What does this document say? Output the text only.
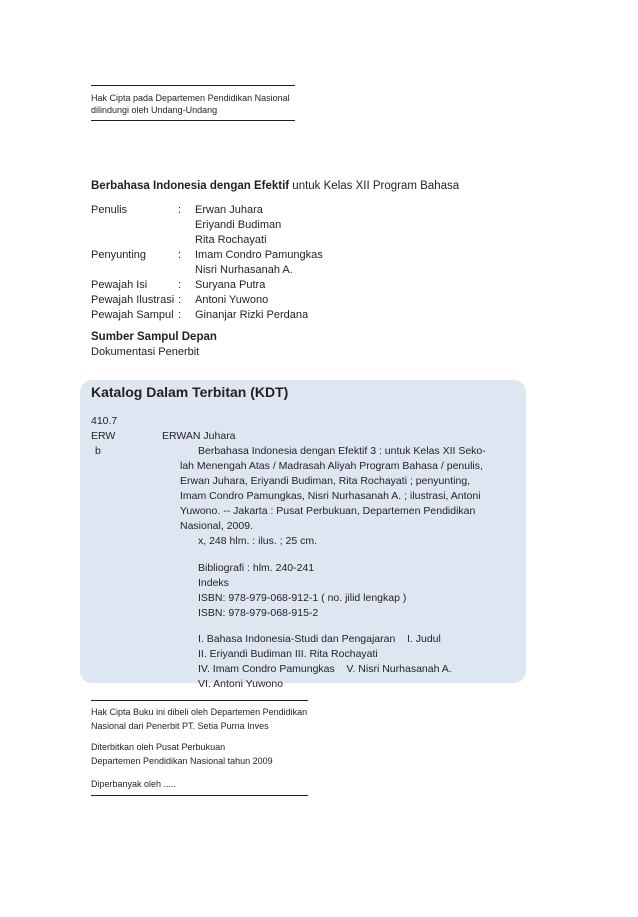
Hak Cipta pada Departemen Pendidikan Nasional
dilindungi oleh Undang-Undang
Berbahasa Indonesia dengan Efektif untuk Kelas XII Program Bahasa
Penulis	: Erwan Juhara
Eriyandi Budiman
Rita Rochayati
Penyunting	: Imam Condro Pamungkas
Nisri Nurhasanah A.
Pewajah Isi	: Suryana Putra
Pewajah Ilustrasi : Antoni Yuwono
Pewajah Sampul : Ginanjar Rizki Perdana
Sumber Sampul Depan
Dokumentasi Penerbit
Katalog Dalam Terbitan (KDT)
410.7
ERW	ERWAN Juhara
b	Berbahasa Indonesia dengan Efektif 3 : untuk Kelas XII Seko-
lah Menengah Atas / Madrasah Aliyah Program Bahasa / penulis,
Erwan Juhara, Eriyandi Budiman, Rita Rochayati ; penyunting,
Imam Condro Pamungkas, Nisri Nurhasanah A. ; ilustrasi, Antoni
Yuwono. -- Jakarta : Pusat Perbukuan, Departemen Pendidikan
Nasional, 2009.
x, 248 hlm. : ilus. ; 25 cm.
Bibliografi : hlm. 240-241
Indeks
ISBN: 978-979-068-912-1 ( no. jilid lengkap )
ISBN: 978-979-068-915-2
I. Bahasa Indonesia-Studi dan Pengajaran    I. Judul
II. Eriyandi Budiman III. Rita Rochayati
IV. Imam Condro Pamungkas    V. Nisri Nurhasanah A.
VI. Antoni Yuwono
Hak Cipta Buku ini dibeli oleh Departemen Pendidikan
Nasional dari Penerbit PT. Setia Purna Inves
Diterbitkan oleh Pusat Perbukuan
Departemen Pendidikan Nasional tahun 2009
Diperbanyak oleh .....
